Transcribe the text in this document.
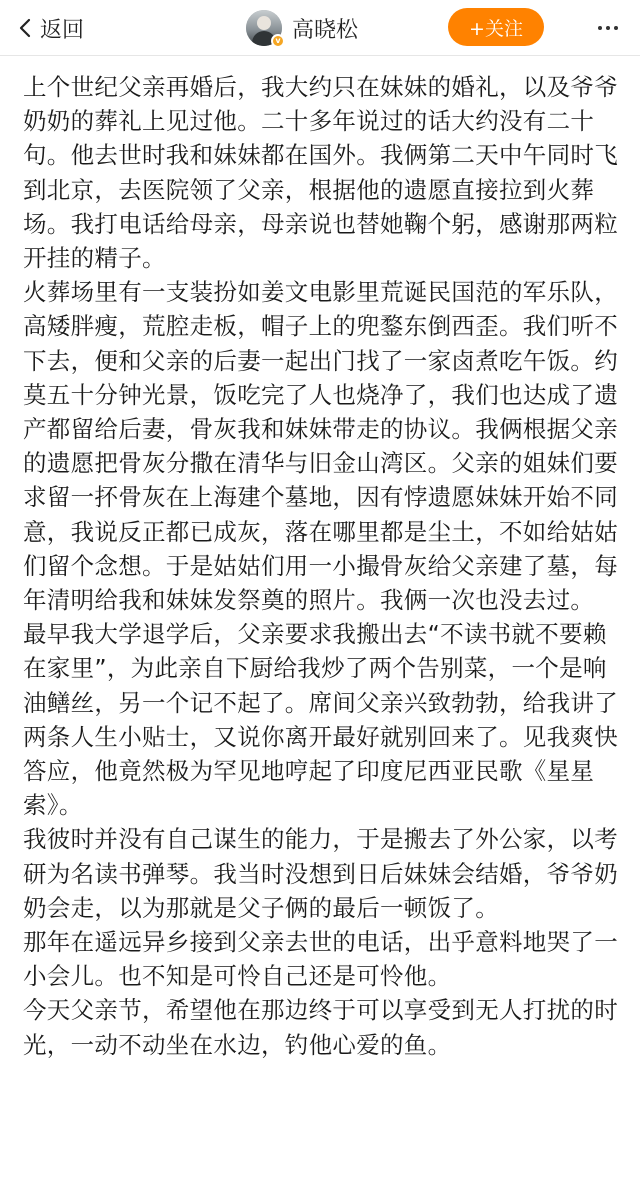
返回	v 高晓松	+关注

上个世纪父亲再婚后，我大约只在妹妹的婚礼，以及爷爷奶奶的葬礼上见过他。二十多年说过的话大约没有二十句。他去世时我和妹妹都在国外。我俩第二天中午同时飞到北京，去医院领了父亲，根据他的遗愿直接拉到火葬场。我打电话给母亲，母亲说也替她鞠个躬，感谢那两粒开挂的精子。

火葬场里有一支装扮如姜文电影里荒诞民国范的军乐队，高矮胖瘦，荒腔走板，帽子上的兜鍪东倒西歪。我们听不下去，便和父亲的后妻一起出门找了一家卤煮吃午饭。约莫五十分钟光景，饭吃完了人也烧净了，我们也达成了遗产都留给后妻，骨灰我和妹妹带走的协议。我俩根据父亲的遗愿把骨灰分撒在清华与旧金山湾区。父亲的姐妹们要求留一抔骨灰在上海建个墓地，因有悖遗愿妹妹开始不同意，我说反正都已成灰，落在哪里都是尘土，不如给姑姑们留个念想。于是姑姑们用一小撮骨灰给父亲建了墓，每年清明给我和妹妹发祭奠的照片。我俩一次也没去过。

最早我大学退学后，父亲要求我搬出去“不读书就不要赖在家里”，为此亲自下厨给我炒了两个告别菜，一个是响油鳝丝，另一个记不起了。席间父亲兴致勃勃，给我讲了两条人生小贴士，又说你离开最好就别回来了。见我爽快答应，他竟然极为罕见地哼起了印度尼西亚民歌《星星索》。

我彼时并没有自己谋生的能力，于是搬去了外公家，以考研为名读书弹琴。我当时没想到日后妹妹会结婚，爷爷奶奶会走，以为那就是父子俩的最后一顿饭了。

那年在遥远异乡接到父亲去世的电话，出乎意料地哭了一小会儿。也不知是可怜自己还是可怜他。

今天父亲节，希望他在那边终于可以享受到无人打扰的时光，一动不动坐在水边，钓他心爱的鱼。
